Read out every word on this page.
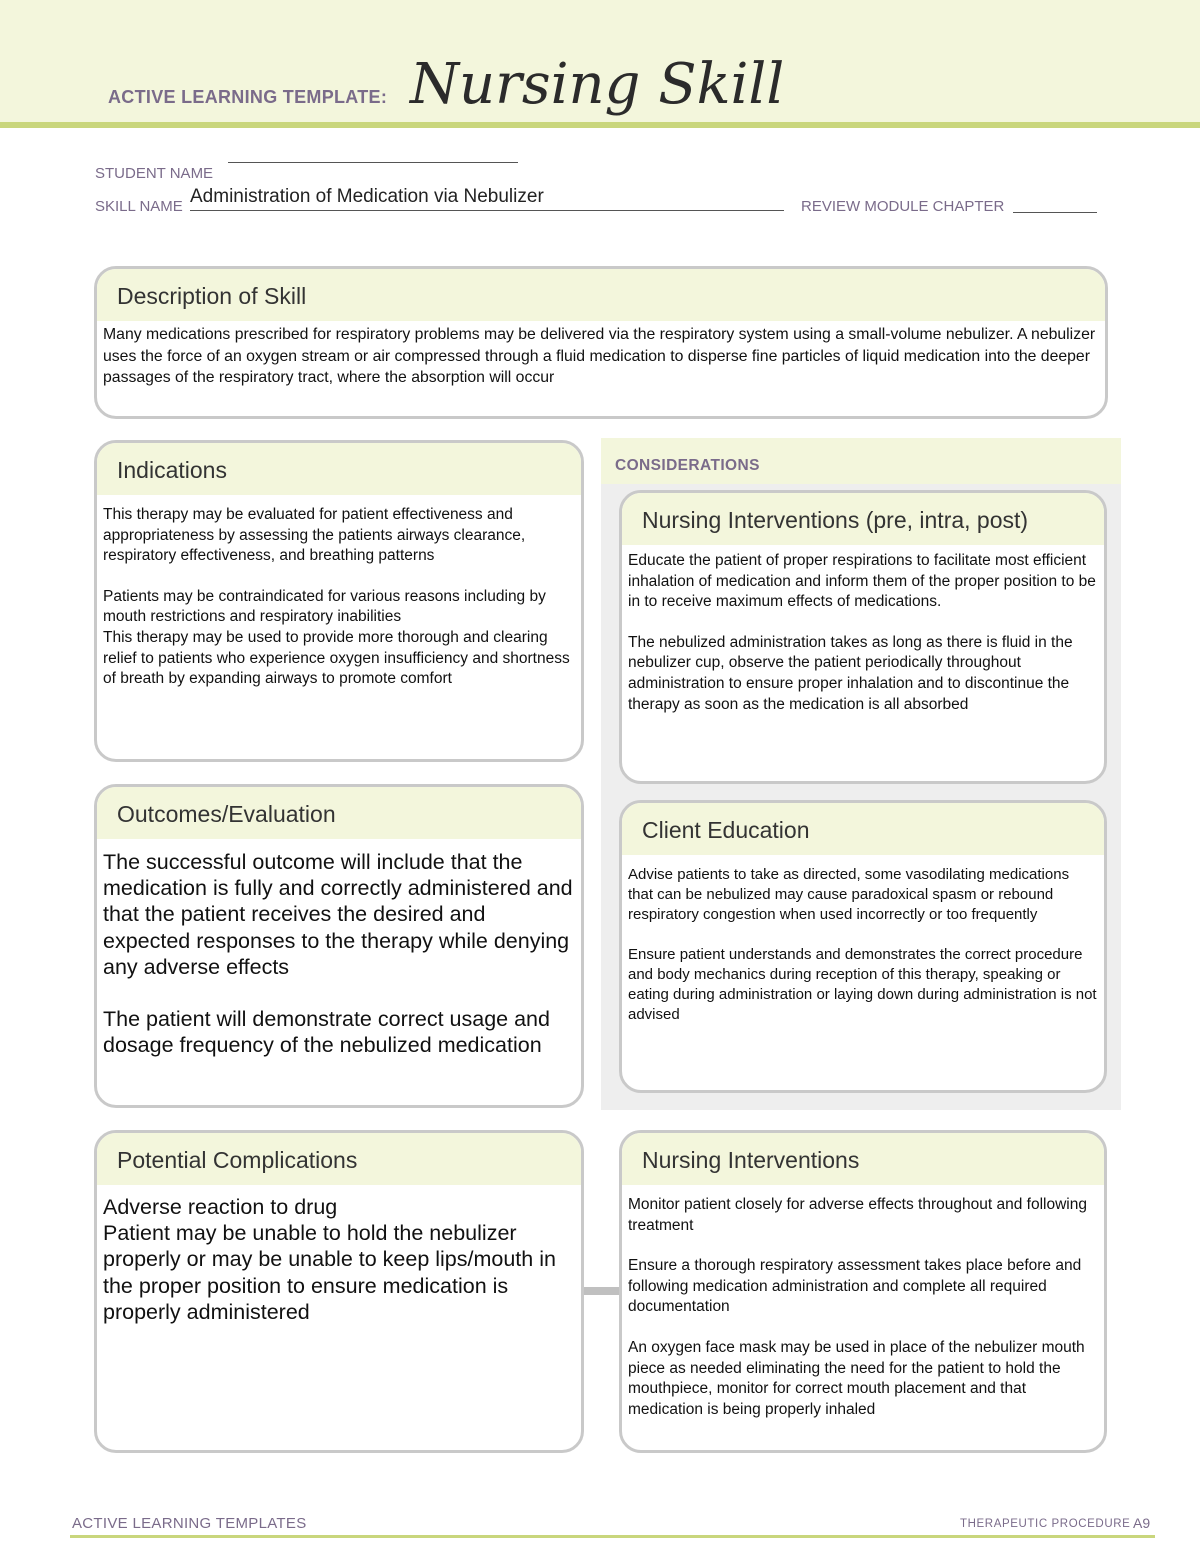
ACTIVE LEARNING TEMPLATE: Nursing Skill
STUDENT NAME
SKILL NAME Administration of Medication via Nebulizer	REVIEW MODULE CHAPTER
Description of Skill
Many medications prescribed for respiratory problems may be delivered via the respiratory system using a small-volume nebulizer. A nebulizer uses the force of an oxygen stream or air compressed through a fluid medication to disperse fine particles of liquid medication into the deeper passages of the respiratory tract, where the absorption will occur
Indications
This therapy may be evaluated for patient effectiveness and appropriateness by assessing the patients airways clearance, respiratory effectiveness, and breathing patterns
Patients may be contraindicated for various reasons including by mouth restrictions and respiratory inabilities
This therapy may be used to provide more thorough and clearing relief to patients who experience oxygen insufficiency and shortness of breath by expanding airways to promote comfort
CONSIDERATIONS
Nursing Interventions (pre, intra, post)
Educate the patient of proper respirations to facilitate most efficient inhalation of medication and inform them of the proper position to be in to receive maximum effects of medications.
The nebulized administration takes as long as there is fluid in the nebulizer cup, observe the patient periodically throughout administration to ensure proper inhalation and to discontinue the therapy as soon as the medication is all absorbed
Outcomes/Evaluation
The successful outcome will include that the medication is fully and correctly administered and that the patient receives the desired and expected responses to the therapy while denying any adverse effects
The patient will demonstrate correct usage and dosage frequency of the nebulized medication
Client Education
Advise patients to take as directed, some vasodilating medications that can be nebulized may cause paradoxical spasm or rebound respiratory congestion when used incorrectly or too frequently
Ensure patient understands and demonstrates the correct procedure and body mechanics during reception of this therapy, speaking or eating during administration or laying down during administration is not advised
Potential Complications
Adverse reaction to drug
Patient may be unable to hold the nebulizer properly or may be unable to keep lips/mouth in the proper position to ensure medication is properly administered
Nursing Interventions
Monitor patient closely for adverse effects throughout and following treatment
Ensure a thorough respiratory assessment takes place before and following medication administration and complete all required documentation
An oxygen face mask may be used in place of the nebulizer mouth piece as needed eliminating the need for the patient to hold the mouthpiece, monitor for correct mouth placement and that medication is being properly inhaled
ACTIVE LEARNING TEMPLATES	THERAPEUTIC PROCEDURE A9
